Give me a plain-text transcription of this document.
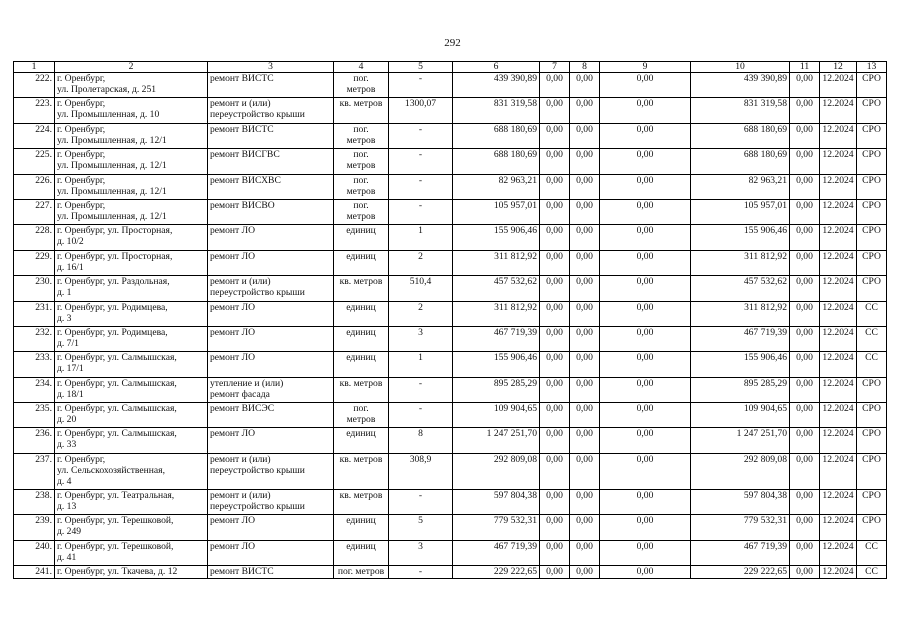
292
1	2	3	4	5	6	7	8	9	10	11	12	13
222.	г. Оренбург,
ул. Пролетарская, д. 251	ремонт ВИСТС	пог.
метров	-	439 390,89	0,00	0,00	0,00	439 390,89	0,00	12.2024	СРО
223.	г. Оренбург,
ул. Промышленная, д. 10	ремонт и (или)
переустройство крыши	кв. метров	1300,07	831 319,58	0,00	0,00	0,00	831 319,58	0,00	12.2024	СРО
224.	г. Оренбург,
ул. Промышленная, д. 12/1	ремонт ВИСТС	пог.
метров	-	688 180,69	0,00	0,00	0,00	688 180,69	0,00	12.2024	СРО
225.	г. Оренбург,
ул. Промышленная, д. 12/1	ремонт ВИСГВС	пог.
метров	-	688 180,69	0,00	0,00	0,00	688 180,69	0,00	12.2024	СРО
226.	г. Оренбург,
ул. Промышленная, д. 12/1	ремонт ВИСХВС	пог.
метров	-	82 963,21	0,00	0,00	0,00	82 963,21	0,00	12.2024	СРО
227.	г. Оренбург,
ул. Промышленная, д. 12/1	ремонт ВИСВО	пог.
метров	-	105 957,01	0,00	0,00	0,00	105 957,01	0,00	12.2024	СРО
228.	г. Оренбург, ул. Просторная,
д. 10/2	ремонт ЛО	единиц	1	155 906,46	0,00	0,00	0,00	155 906,46	0,00	12.2024	СРО
229.	г. Оренбург, ул. Просторная,
д. 16/1	ремонт ЛО	единиц	2	311 812,92	0,00	0,00	0,00	311 812,92	0,00	12.2024	СРО
230.	г. Оренбург, ул. Раздольная,
д. 1	ремонт и (или)
переустройство крыши	кв. метров	510,4	457 532,62	0,00	0,00	0,00	457 532,62	0,00	12.2024	СРО
231.	г. Оренбург, ул. Родимцева,
д. 3	ремонт ЛО	единиц	2	311 812,92	0,00	0,00	0,00	311 812,92	0,00	12.2024	СС
232.	г. Оренбург, ул. Родимцева,
д. 7/1	ремонт ЛО	единиц	3	467 719,39	0,00	0,00	0,00	467 719,39	0,00	12.2024	СС
233.	г. Оренбург, ул. Салмышская,
д. 17/1	ремонт ЛО	единиц	1	155 906,46	0,00	0,00	0,00	155 906,46	0,00	12.2024	СС
234.	г. Оренбург, ул. Салмышская,
д. 18/1	утепление и (или)
ремонт фасада	кв. метров	-	895 285,29	0,00	0,00	0,00	895 285,29	0,00	12.2024	СРО
235.	г. Оренбург, ул. Салмышская,
д. 20	ремонт ВИСЭС	пог.
метров	-	109 904,65	0,00	0,00	0,00	109 904,65	0,00	12.2024	СРО
236.	г. Оренбург, ул. Салмышская,
д. 33	ремонт ЛО	единиц	8	1 247 251,70	0,00	0,00	0,00	1 247 251,70	0,00	12.2024	СРО
237.	г. Оренбург,
ул. Сельскохозяйственная,
д. 4	ремонт и (или)
переустройство крыши	кв. метров	308,9	292 809,08	0,00	0,00	0,00	292 809,08	0,00	12.2024	СРО
238.	г. Оренбург, ул. Театральная,
д. 13	ремонт и (или)
переустройство крыши	кв. метров	-	597 804,38	0,00	0,00	0,00	597 804,38	0,00	12.2024	СРО
239.	г. Оренбург, ул. Терешковой,
д. 249	ремонт ЛО	единиц	5	779 532,31	0,00	0,00	0,00	779 532,31	0,00	12.2024	СРО
240.	г. Оренбург, ул. Терешковой,
д. 41	ремонт ЛО	единиц	3	467 719,39	0,00	0,00	0,00	467 719,39	0,00	12.2024	СС
241.	г. Оренбург, ул. Ткачева, д. 12	ремонт ВИСТС	пог. метров	-	229 222,65	0,00	0,00	0,00	229 222,65	0,00	12.2024	СС
